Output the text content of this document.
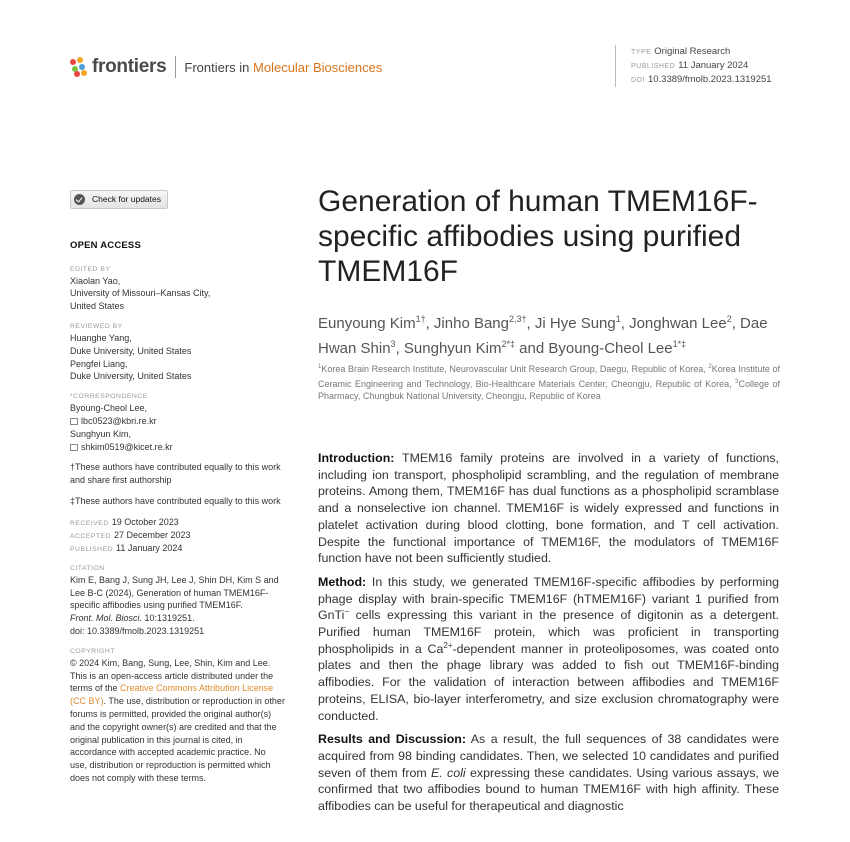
frontiers Frontiers in Molecular Biosciences
TYPE Original Research
PUBLISHED 11 January 2024
DOI 10.3389/fmolb.2023.1319251
Check for updates
OPEN ACCESS
EDITED BY
Xiaolan Yao,
University of Missouri–Kansas City,
United States
REVIEWED BY
Huanghe Yang,
Duke University, United States
Pengfei Liang,
Duke University, United States
*CORRESPONDENCE
Byoung-Cheol Lee,
lbc0523@kbri.re.kr
Sunghyun Kim,
shkim0519@kicet.re.kr
†These authors have contributed equally to this work and share first authorship
‡These authors have contributed equally to this work
RECEIVED 19 October 2023
ACCEPTED 27 December 2023
PUBLISHED 11 January 2024
CITATION
Kim E, Bang J, Sung JH, Lee J, Shin DH, Kim S and Lee B-C (2024), Generation of human TMEM16F-specific affibodies using purified TMEM16F.
Front. Mol. Biosci. 10:1319251.
doi: 10.3389/fmolb.2023.1319251
COPYRIGHT
© 2024 Kim, Bang, Sung, Lee, Shin, Kim and Lee. This is an open-access article distributed under the terms of the Creative Commons Attribution License (CC BY). The use, distribution or reproduction in other forums is permitted, provided the original author(s) and the copyright owner(s) are credited and that the original publication in this journal is cited, in accordance with accepted academic practice. No use, distribution or reproduction is permitted which does not comply with these terms.
Generation of human TMEM16F-specific affibodies using purified TMEM16F
Eunyoung Kim$^{1\dagger}$, Jinho Bang$^{2,3\dagger}$, Ji Hye Sung$^1$, Jonghwan Lee$^2$, Dae Hwan Shin$^3$, Sunghyun Kim$^{2*\ddagger}$ and Byoung-Cheol Lee$^{1*\ddagger}$
$^1$Korea Brain Research Institute, Neurovascular Unit Research Group, Daegu, Republic of Korea, $^2$Korea Institute of Ceramic Engineering and Technology, Bio-Healthcare Materials Center, Cheongju, Republic of Korea, $^3$College of Pharmacy, Chungbuk National University, Cheongju, Republic of Korea

Introduction: TMEM16 family proteins are involved in a variety of functions, including ion transport, phospholipid scrambling, and the regulation of membrane proteins. Among them, TMEM16F has dual functions as a phospholipid scramblase and a nonselective ion channel. TMEM16F is widely expressed and functions in platelet activation during blood clotting, bone formation, and T cell activation. Despite the functional importance of TMEM16F, the modulators of TMEM16F function have not been sufficiently studied.

Method: In this study, we generated TMEM16F-specific affibodies by performing phage display with brain-specific TMEM16F (hTMEM16F) variant 1 purified from GnTi− cells expressing this variant in the presence of digitonin as a detergent. Purified human TMEM16F protein, which was proficient in transporting phospholipids in a $Ca^{2+}$-dependent manner in proteoliposomes, was coated onto plates and then the phage library was added to fish out TMEM16F-binding affibodies. For the validation of interaction between affibodies and TMEM16F proteins, ELISA, bio-layer interferometry, and size exclusion chromatography were conducted.

Results and Discussion: As a result, the full sequences of 38 candidates were acquired from 98 binding candidates. Then, we selected 10 candidates and purified seven of them from E. coli expressing these candidates. Using various assays, we confirmed that two affibodies bound to human TMEM16F with high affinity. These affibodies can be useful for therapeutical and diagnostic
